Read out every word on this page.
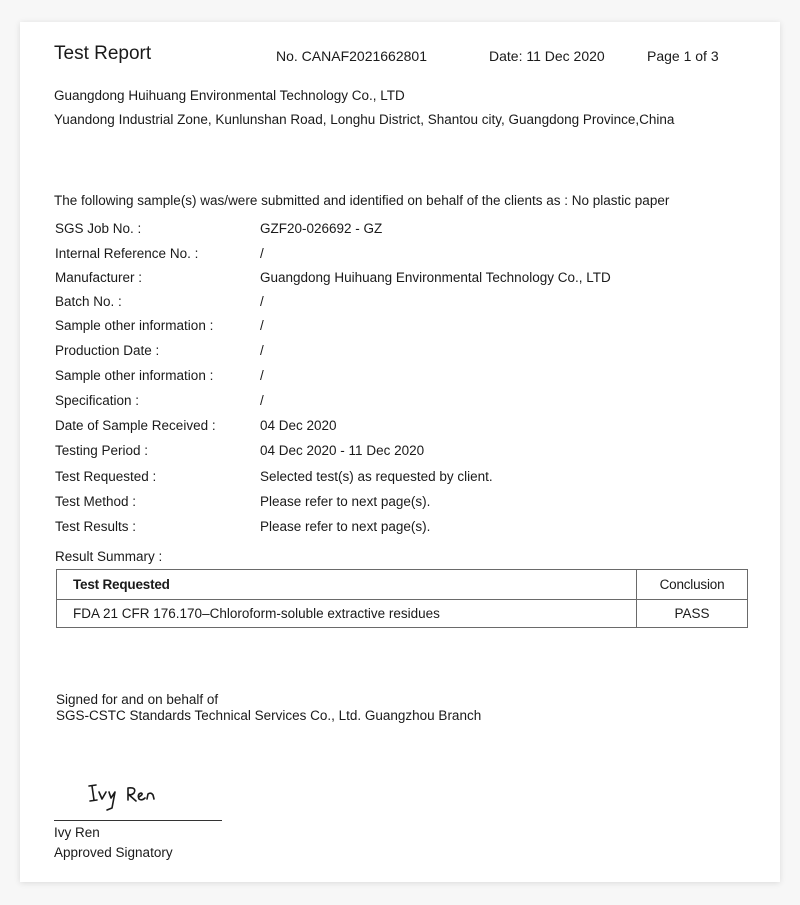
Test Report	No. CANAF2021662801	Date: 11 Dec 2020	Page 1 of 3
Guangdong Huihuang Environmental Technology Co., LTD
Yuandong Industrial Zone, Kunlunshan Road, Longhu District, Shantou city, Guangdong Province,China
The following sample(s) was/were submitted and identified on behalf of the clients as : No plastic paper
SGS Job No. :	GZF20-026692 - GZ
Internal Reference No. :	/
Manufacturer :	Guangdong Huihuang Environmental Technology Co., LTD
Batch No. :	/
Sample other information :	/
Production Date :	/
Sample other information :	/
Specification :	/
Date of Sample Received :	04 Dec 2020
Testing Period :	04 Dec 2020 - 11 Dec 2020
Test Requested :	Selected test(s) as requested by client.
Test Method :	Please refer to next page(s).
Test Results :	Please refer to next page(s).
Result Summary :
Test Requested	Conclusion
FDA 21 CFR 176.170–Chloroform-soluble extractive residues	PASS
Signed for and on behalf of
SGS-CSTC Standards Technical Services Co., Ltd. Guangzhou Branch
Ivy Ren
Approved Signatory
